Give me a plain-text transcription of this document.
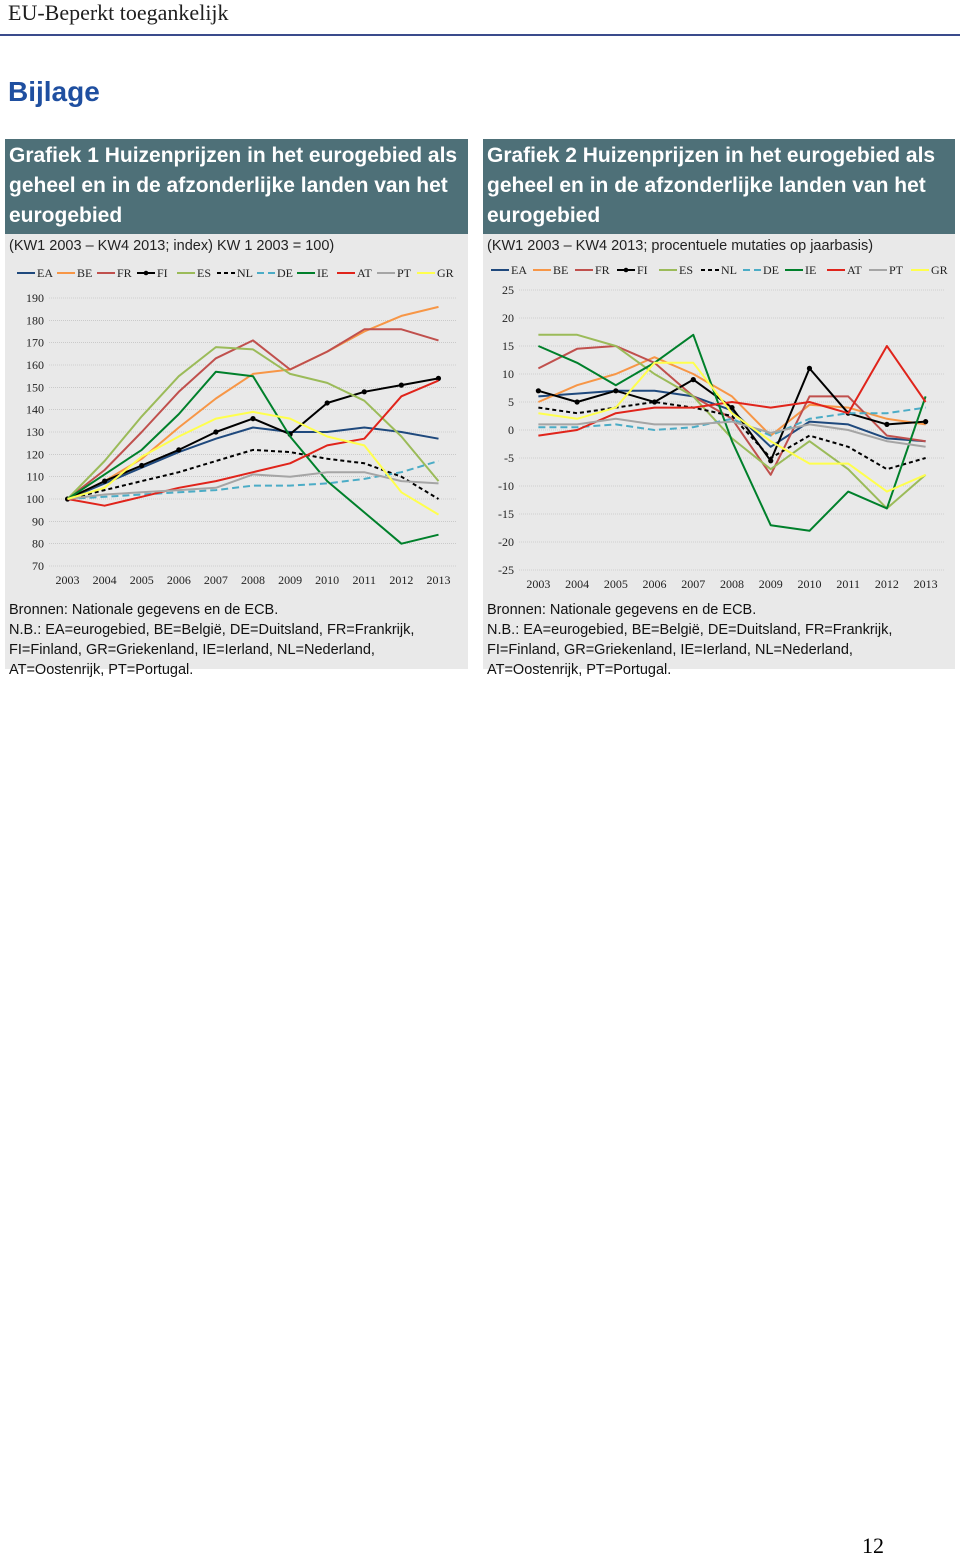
EU-Beperkt toegankelijk
Bijlage
Grafiek 1 Huizenprijzen in het eurogebied als geheel en in de afzonderlijke landen van het eurogebied
(KW1 2003 – KW4 2013; index) KW 1 2003 = 100)
70
80
90
100
110
120
130
140
150
160
170
180
190
2003 2004 2005 2006 2007 2008 2009 2010 2011 2012 2013
EA BE FR FI ES NL DE IE AT PT GR
Bronnen: Nationale gegevens en de ECB.
N.B.: EA=eurogebied, BE=België, DE=Duitsland, FR=Frankrijk,
FI=Finland, GR=Griekenland, IE=Ierland, NL=Nederland,
AT=Oostenrijk, PT=Portugal.
Grafiek 2 Huizenprijzen in het eurogebied als geheel en in de afzonderlijke landen van het eurogebied
(KW1 2003 – KW4 2013; procentuele mutaties op jaarbasis)
-25
-20
-15
-10
-5
0
5
10
15
20
25
2003 2004 2005 2006 2007 2008 2009 2010 2011 2012 2013
EA BE FR FI	ES NL DE IE	AT PT GR
Bronnen: Nationale gegevens en de ECB.
N.B.: EA=eurogebied, BE=België, DE=Duitsland, FR=Frankrijk,
FI=Finland, GR=Griekenland, IE=Ierland, NL=Nederland,
AT=Oostenrijk, PT=Portugal.
12
